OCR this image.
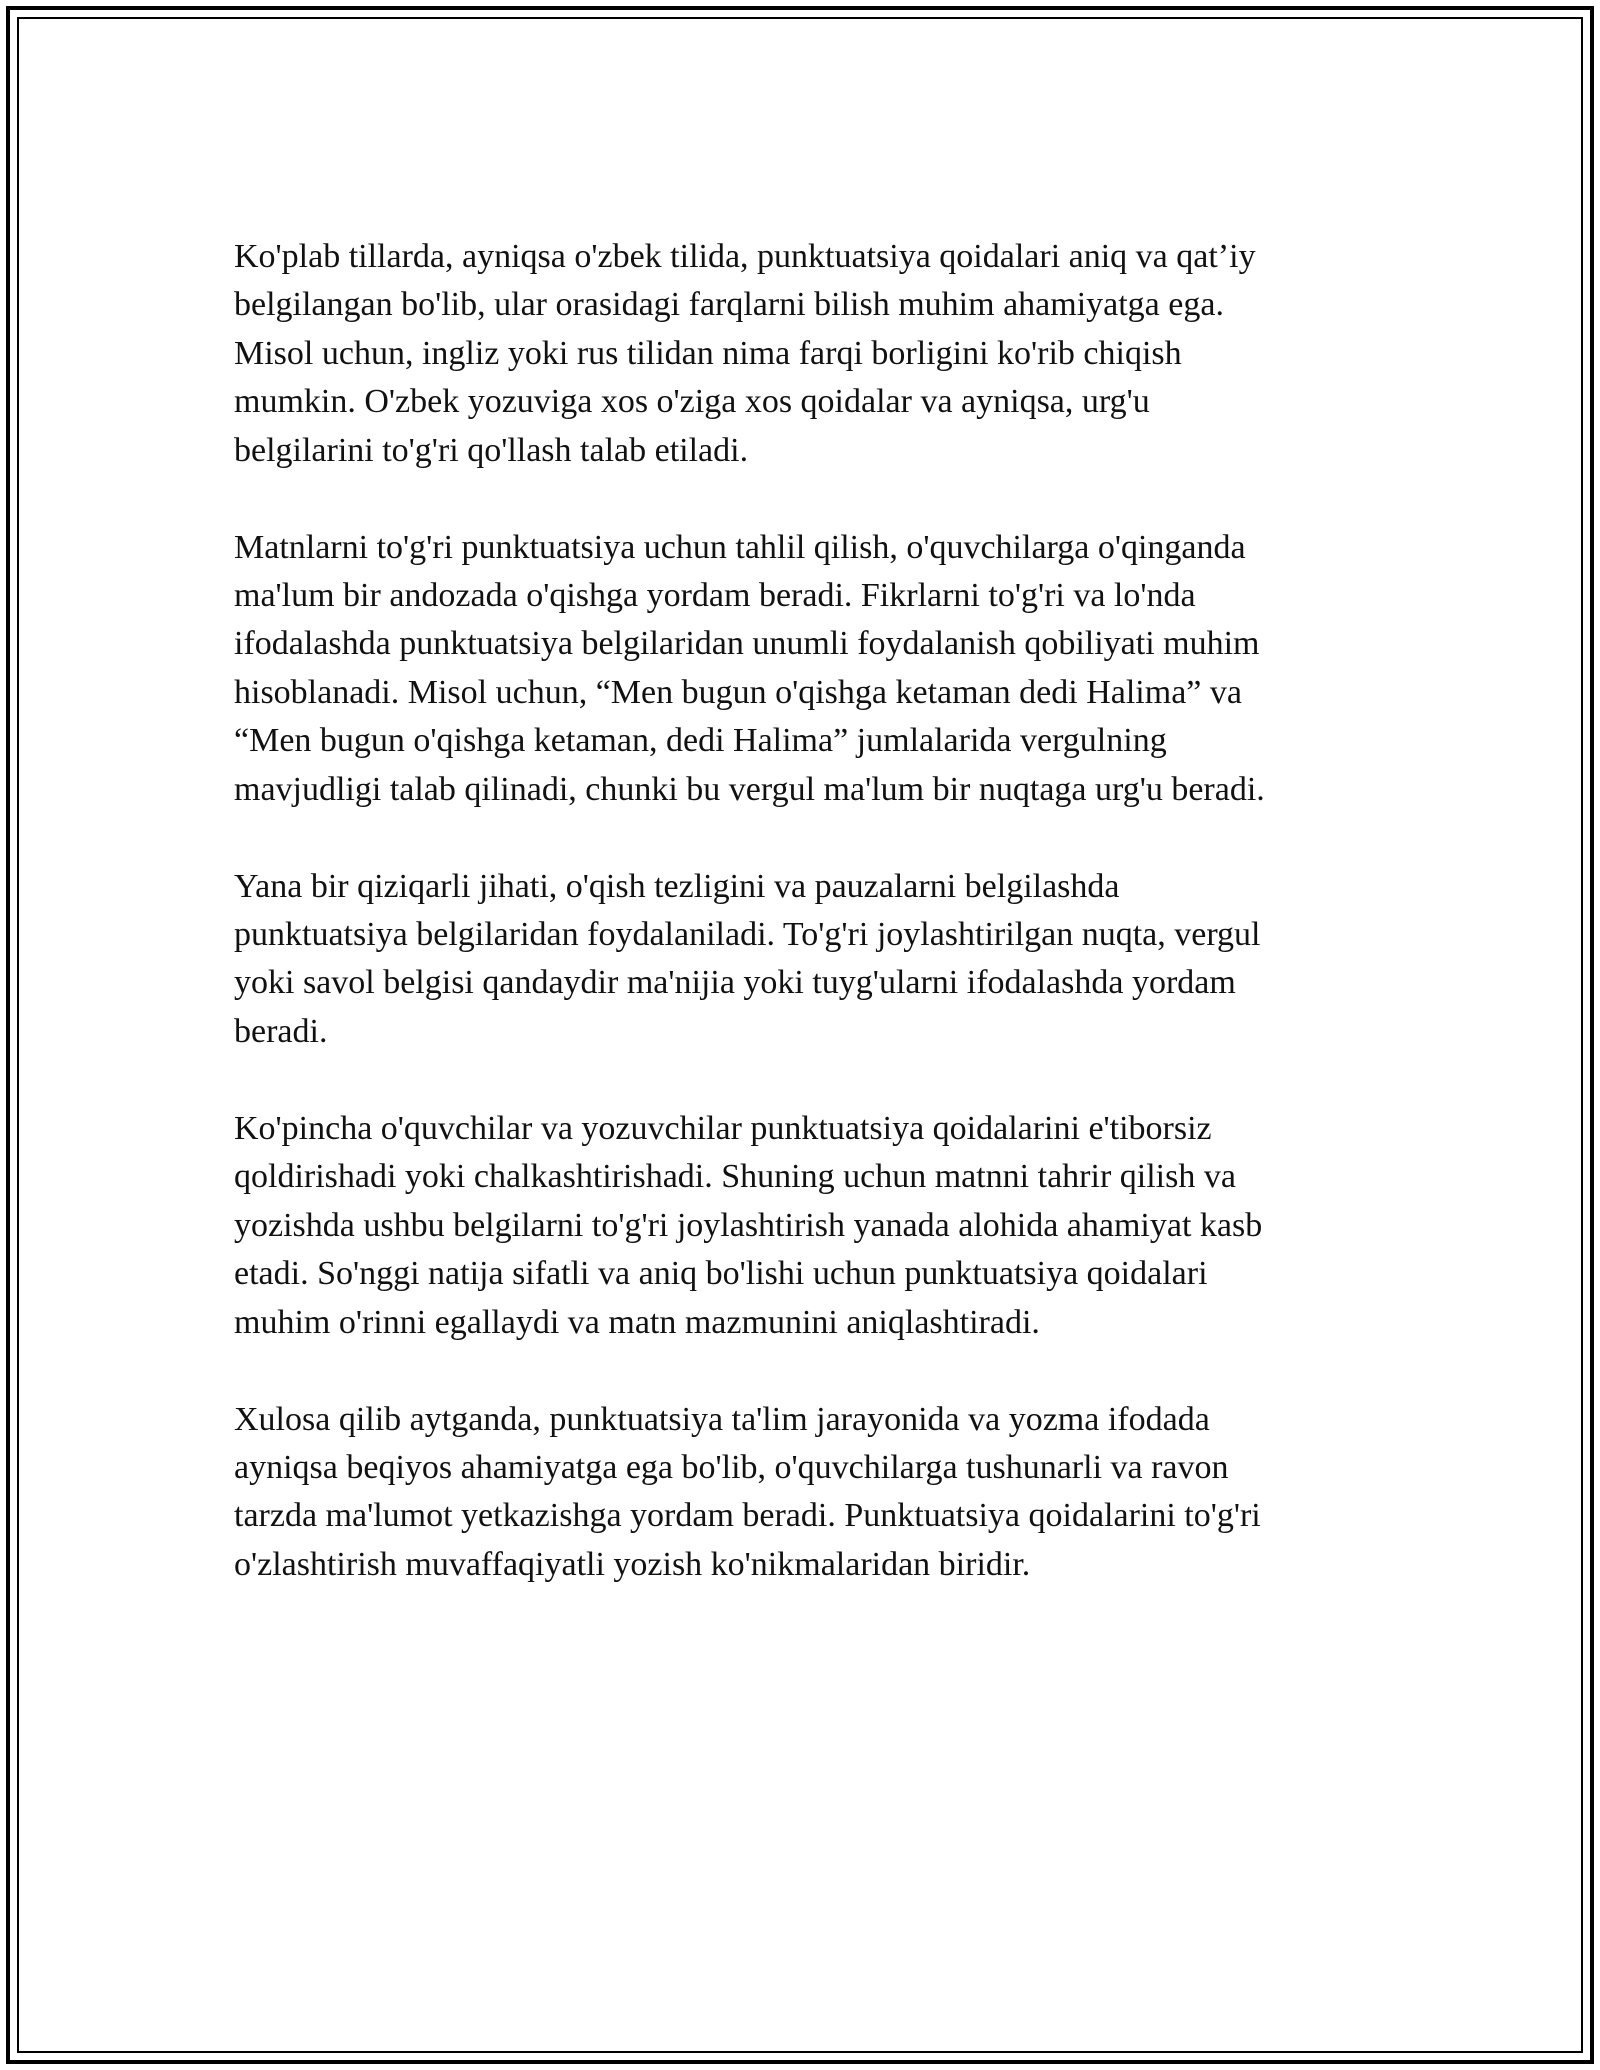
Ko'plab tillarda, ayniqsa o'zbek tilida, punktuatsiya qoidalari aniq va qat’iy
belgilangan bo'lib, ular orasidagi farqlarni bilish muhim ahamiyatga ega.
Misol uchun, ingliz yoki rus tilidan nima farqi borligini ko'rib chiqish
mumkin. O'zbek yozuviga xos o'ziga xos qoidalar va ayniqsa, urg'u
belgilarini to'g'ri qo'llash talab etiladi.

Matnlarni to'g'ri punktuatsiya uchun tahlil qilish, o'quvchilarga o'qinganda
ma'lum bir andozada o'qishga yordam beradi. Fikrlarni to'g'ri va lo'nda
ifodalashda punktuatsiya belgilaridan unumli foydalanish qobiliyati muhim
hisoblanadi. Misol uchun, “Men bugun o'qishga ketaman dedi Halima” va
“Men bugun o'qishga ketaman, dedi Halima” jumlalarida vergulning
mavjudligi talab qilinadi, chunki bu vergul ma'lum bir nuqtaga urg'u beradi.

Yana bir qiziqarli jihati, o'qish tezligini va pauzalarni belgilashda
punktuatsiya belgilaridan foydalaniladi. To'g'ri joylashtirilgan nuqta, vergul
yoki savol belgisi qandaydir ma'nijia yoki tuyg'ularni ifodalashda yordam
beradi.

Ko'pincha o'quvchilar va yozuvchilar punktuatsiya qoidalarini e'tiborsiz
qoldirishadi yoki chalkashtirishadi. Shuning uchun matnni tahrir qilish va
yozishda ushbu belgilarni to'g'ri joylashtirish yanada alohida ahamiyat kasb
etadi. So'nggi natija sifatli va aniq bo'lishi uchun punktuatsiya qoidalari
muhim o'rinni egallaydi va matn mazmunini aniqlashtiradi.

Xulosa qilib aytganda, punktuatsiya ta'lim jarayonida va yozma ifodada
ayniqsa beqiyos ahamiyatga ega bo'lib, o'quvchilarga tushunarli va ravon
tarzda ma'lumot yetkazishga yordam beradi. Punktuatsiya qoidalarini to'g'ri
o'zlashtirish muvaffaqiyatli yozish ko'nikmalaridan biridir.
